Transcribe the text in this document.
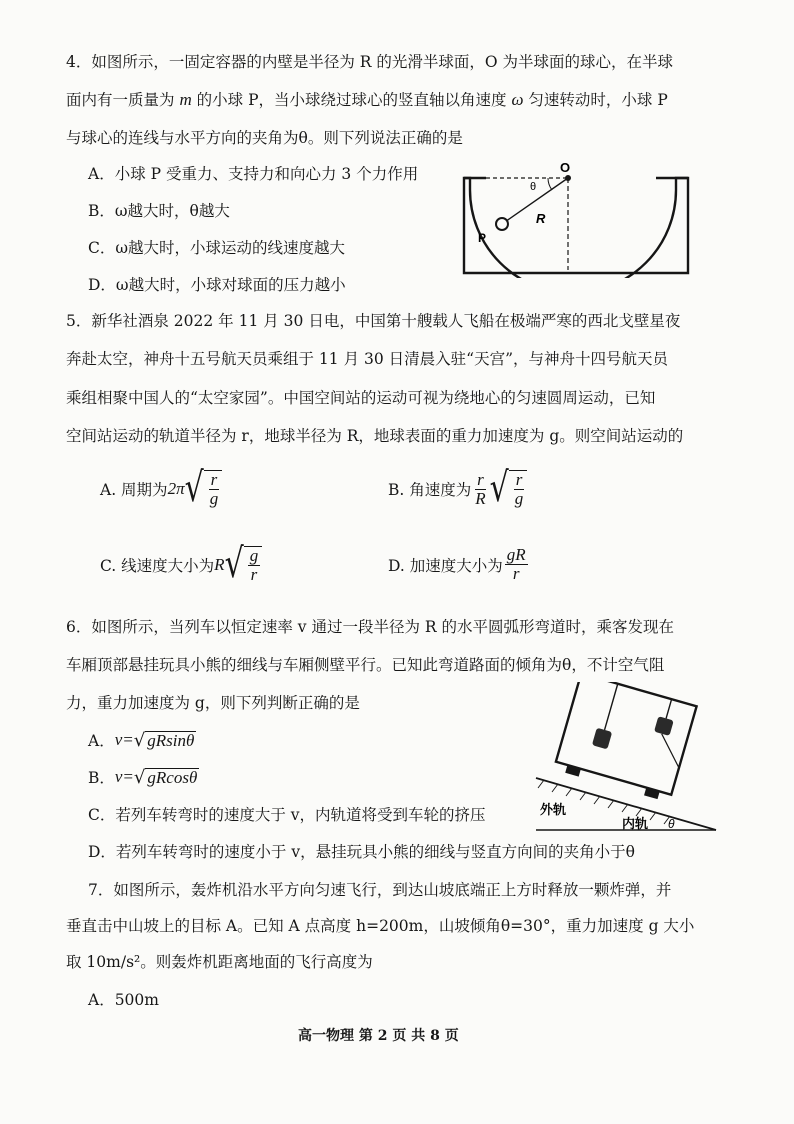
4．如图所示，一固定容器的内壁是半径为 R 的光滑半球面，O 为半球面的球心，在半球
面内有一质量为 m 的小球 P，当小球绕过球心的竖直轴以角速度 ω 匀速转动时，小球 P
与球心的连线与水平方向的夹角为θ。则下列说法正确的是
A．小球 P 受重力、支持力和向心力 3 个力作用
B．ω越大时，θ越大
C．ω越大时，小球运动的线速度越大
D．ω越大时，小球对球面的压力越小
O
θ
R
P
5．新华社酒泉 2022 年 11 月 30 日电，中国第十艘载人飞船在极端严寒的西北戈壁星夜
奔赴太空，神舟十五号航天员乘组于 11 月 30 日清晨入驻“天宫”，与神舟十四号航天员
乘组相聚中国人的“太空家园”。中国空间站的运动可视为绕地心的匀速圆周运动，已知
空间站运动的轨道半径为 r，地球半径为 R，地球表面的重力加速度为 g。则空间站运动的
A. 周期为 2π √ $\frac{r}{g}$	B. 角速度为 $\frac{r}{R}$ √ $\frac{r}{g}$
C. 线速度大小为 R √ $\frac{g}{r}$	D. 加速度大小为 $\frac{gR}{r}$
6．如图所示，当列车以恒定速率 v 通过一段半径为 R 的水平圆弧形弯道时，乘客发现在
车厢顶部悬挂玩具小熊的细线与车厢侧壁平行。已知此弯道路面的倾角为θ，不计空气阻
力，重力加速度为 g，则下列判断正确的是
A． v= √ gRsinθ
B． v= √ gRcosθ
C．若列车转弯时的速度大于 v，内轨道将受到车轮的挤压
D．若列车转弯时的速度小于 v，悬挂玩具小熊的细线与竖直方向间的夹角小于θ
外轨
内轨 θ
7．如图所示，轰炸机沿水平方向匀速飞行，到达山坡底端正上方时释放一颗炸弹，并
垂直击中山坡上的目标 A。已知 A 点高度 h=200m，山坡倾角θ=30°，重力加速度 g 大小
取 10m/s²。则轰炸机距离地面的飞行高度为
A．500m
高一物理 第 2 页 共 8 页
